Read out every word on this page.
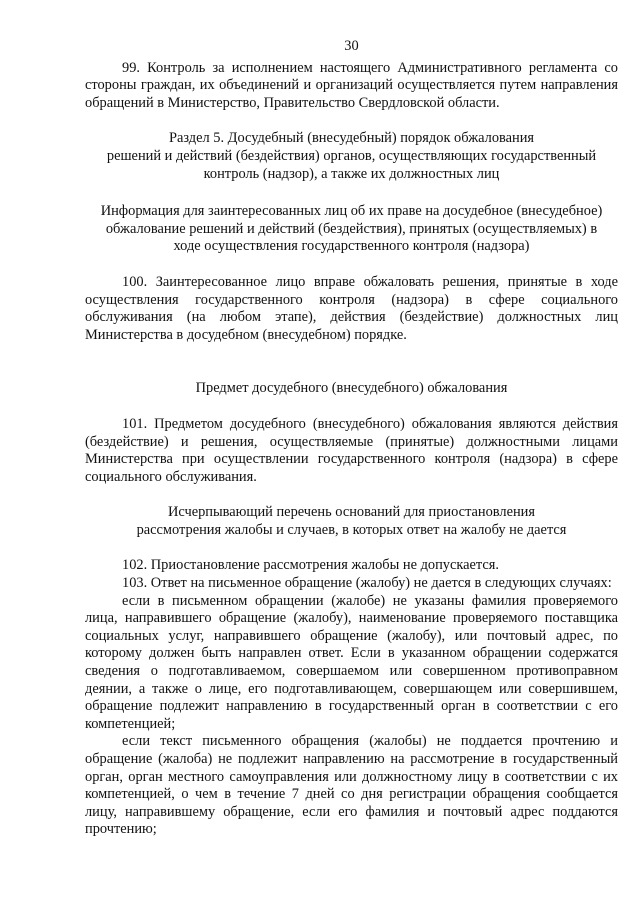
30

99. Контроль за исполнением настоящего Административного регламента со стороны граждан, их объединений и организаций осуществляется путем направления обращений в Министерство, Правительство Свердловской области.

Раздел 5. Досудебный (внесудебный) порядок обжалования

решений и действий (бездействия) органов, осуществляющих государственный

контроль (надзор), а также их должностных лиц

Информация для заинтересованных лиц об их праве на досудебное (внесудебное)

обжалование решений и действий (бездействия), принятых (осуществляемых) в

ходе осуществления государственного контроля (надзора)

100. Заинтересованное лицо вправе обжаловать решения, принятые в ходе осуществления государственного контроля (надзора) в сфере социального обслуживания (на любом этапе), действия (бездействие) должностных лиц Министерства в досудебном (внесудебном) порядке.

Предмет досудебного (внесудебного) обжалования

101. Предметом досудебного (внесудебного) обжалования являются действия (бездействие) и решения, осуществляемые (принятые) должностными лицами Министерства при осуществлении государственного контроля (надзора) в сфере социального обслуживания.

Исчерпывающий перечень оснований для приостановления

рассмотрения жалобы и случаев, в которых ответ на жалобу не дается

102. Приостановление рассмотрения жалобы не допускается.

103. Ответ на письменное обращение (жалобу) не дается в следующих случаях:

если в письменном обращении (жалобе) не указаны фамилия проверяемого лица, направившего обращение (жалобу), наименование проверяемого поставщика социальных услуг, направившего обращение (жалобу), или почтовый адрес, по которому должен быть направлен ответ. Если в указанном обращении содержатся сведения о подготавливаемом, совершаемом или совершенном противоправном деянии, а также о лице, его подготавливающем, совершающем или совершившем, обращение подлежит направлению в государственный орган в соответствии с его компетенцией;

если текст письменного обращения (жалобы) не поддается прочтению и обращение (жалоба) не подлежит направлению на рассмотрение в государственный орган, орган местного самоуправления или должностному лицу в соответствии с их компетенцией, о чем в течение 7 дней со дня регистрации обращения сообщается лицу, направившему обращение, если его фамилия и почтовый адрес поддаются прочтению;
